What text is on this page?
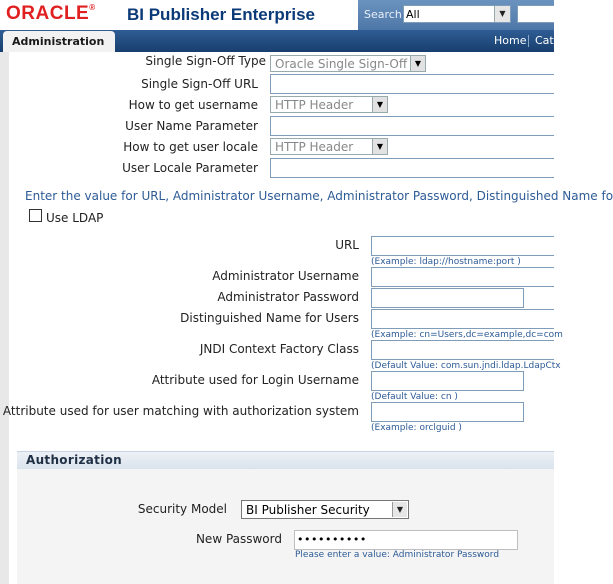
ORACLE® BI Publisher Enterprise	Search All	▼
Administration	Home Catalog
Single Sign-Off Type Oracle Single Sign-Off ▼
Single Sign-Off URL
How to get username HTTP Header	▼
User Name Parameter
How to get user locale HTTP Header	▼
User Locale Parameter
Enter the value for URL, Administrator Username, Administrator Password, Distinguished Name fo
Use LDAP
URL
(Example: ldap://hostname:port )
Administrator Username
Administrator Password
Distinguished Name for Users
(Example: cn=Users,dc=example,dc=com
JNDI Context Factory Class
(Default Value: com.sun.jndi.ldap.LdapCtx
Attribute used for Login Username
(Default Value: cn )
Attribute used for user matching with authorization system
(Example: orclguid )
Authorization
Security Model BI Publisher Security	▼
New Password ••••••••••
Please enter a value: Administrator Password
